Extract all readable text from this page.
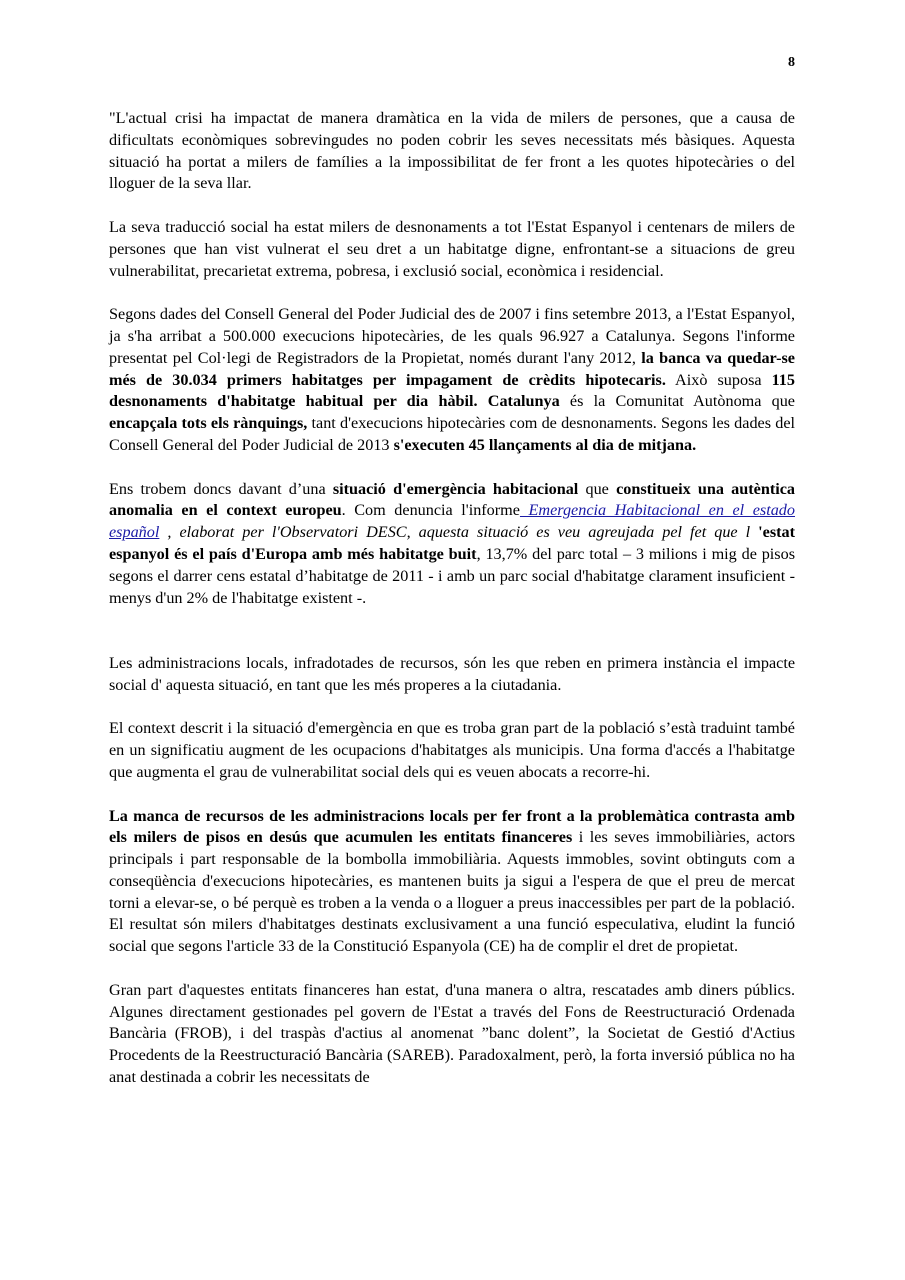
8

"L'actual crisi ha impactat de manera dramàtica en la vida de milers de persones, que a causa de dificultats econòmiques sobrevingudes no poden cobrir les seves necessitats més bàsiques. Aquesta situació ha portat a milers de famílies a la impossibilitat de fer front a les quotes hipotecàries o del lloguer de la seva llar.

La seva traducció social ha estat milers de desnonaments a tot l'Estat Espanyol i centenars de milers de persones que han vist vulnerat el seu dret a un habitatge digne, enfrontant-se a situacions de greu vulnerabilitat, precarietat extrema, pobresa, i exclusió social, econòmica i residencial.

Segons dades del Consell General del Poder Judicial des de 2007 i fins setembre 2013, a l'Estat Espanyol, ja s'ha arribat a 500.000 execucions hipotecàries, de les quals 96.927 a Catalunya. Segons l'informe presentat pel Col·legi de Registradors de la Propietat, només durant l'any 2012, la banca va quedar-se més de 30.034 primers habitatges per impagament de crèdits hipotecaris. Això suposa 115 desnonaments d'habitatge habitual per dia hàbil. Catalunya és la Comunitat Autònoma que encapçala tots els rànquings, tant d'execucions hipotecàries com de desnonaments. Segons les dades del Consell General del Poder Judicial de 2013 s'executen 45 llançaments al dia de mitjana.

Ens trobem doncs davant d’una situació d'emergència habitacional que constitueix una autèntica anomalia en el context europeu. Com denuncia l'informe Emergencia Habitacional en el estado español , elaborat per l'Observatori DESC, aquesta situació es veu agreujada pel fet que l 'estat espanyol és el país d'Europa amb més habitatge buit, 13,7% del parc total – 3 milions i mig de pisos segons el darrer cens estatal d’habitatge de 2011 - i amb un parc social d'habitatge clarament insuficient - menys d'un 2% de l'habitatge existent -.

Les administracions locals, infradotades de recursos, són les que reben en primera instància el impacte social d' aquesta situació, en tant que les més properes a la ciutadania.

El context descrit i la situació d'emergència en que es troba gran part de la població s’està traduint també en un significatiu augment de les ocupacions d'habitatges als municipis. Una forma d'accés a l'habitatge que augmenta el grau de vulnerabilitat social dels qui es veuen abocats a recorre-hi.

La manca de recursos de les administracions locals per fer front a la problemàtica contrasta amb els milers de pisos en desús que acumulen les entitats financeres i les seves immobiliàries, actors principals i part responsable de la bombolla immobiliària. Aquests immobles, sovint obtinguts com a conseqüència d'execucions hipotecàries, es mantenen buits ja sigui a l'espera de que el preu de mercat torni a elevar-se, o bé perquè es troben a la venda o a lloguer a preus inaccessibles per part de la població. El resultat són milers d'habitatges destinats exclusivament a una funció especulativa, eludint la funció social que segons l'article 33 de la Constitució Espanyola (CE) ha de complir el dret de propietat.

Gran part d'aquestes entitats financeres han estat, d'una manera o altra, rescatades amb diners públics. Algunes directament gestionades pel govern de l'Estat a través del Fons de Reestructuració Ordenada Bancària (FROB), i del traspàs d'actius al anomenat ”banc dolent”, la Societat de Gestió d'Actius Procedents de la Reestructuració Bancària (SAREB). Paradoxalment, però, la forta inversió pública no ha anat destinada a cobrir les necessitats de
